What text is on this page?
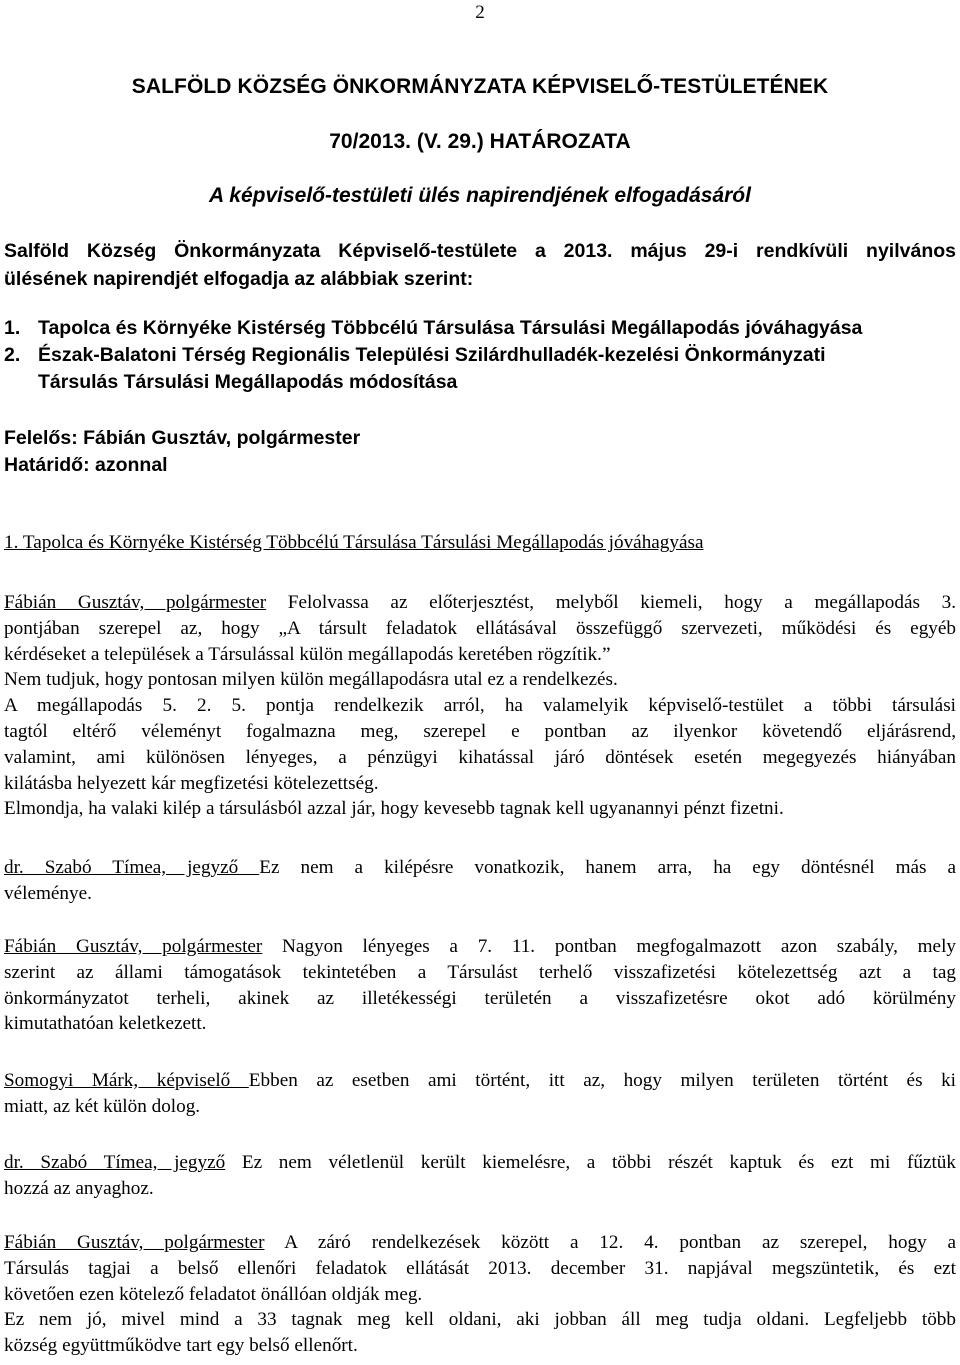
2
SALFÖLD KÖZSÉG ÖNKORMÁNYZATA KÉPVISELŐ-TESTÜLETÉNEK
70/2013. (V. 29.) HATÁROZATA
A képviselő-testületi ülés napirendjének elfogadásáról
Salföld Község Önkormányzata Képviselő-testülete a 2013. május 29-i rendkívüli nyilvános
ülésének napirendjét elfogadja az alábbiak szerint:
1. Tapolca és Környéke Kistérség Többcélú Társulása Társulási Megállapodás jóváhagyása
2. Észak-Balatoni Térség Regionális Települési Szilárdhulladék-kezelési Önkormányzati
Társulás Társulási Megállapodás módosítása
Felelős: Fábián Gusztáv, polgármester
Határidő: azonnal
1. Tapolca és Környéke Kistérség Többcélú Társulása Társulási Megállapodás jóváhagyása
Fábián Gusztáv, polgármester Felolvassa az előterjesztést, melyből kiemeli, hogy a megállapodás 3.
pontjában szerepel az, hogy „A társult feladatok ellátásával összefüggő szervezeti, működési és egyéb
kérdéseket a települések a Társulással külön megállapodás keretében rögzítik.”
Nem tudjuk, hogy pontosan milyen külön megállapodásra utal ez a rendelkezés.
A megállapodás 5. 2. 5. pontja rendelkezik arról, ha valamelyik képviselő-testület a többi társulási
tagtól eltérő véleményt fogalmazna meg, szerepel e pontban az ilyenkor követendő eljárásrend,
valamint, ami különösen lényeges, a pénzügyi kihatással járó döntések esetén megegyezés hiányában
kilátásba helyezett kár megfizetési kötelezettség.
Elmondja, ha valaki kilép a társulásból azzal jár, hogy kevesebb tagnak kell ugyanannyi pénzt fizetni.
dr. Szabó Tímea, jegyző Ez nem a kilépésre vonatkozik, hanem arra, ha egy döntésnél más a
véleménye.
Fábián Gusztáv, polgármester Nagyon lényeges a 7. 11. pontban megfogalmazott azon szabály, mely
szerint az állami támogatások tekintetében a Társulást terhelő visszafizetési kötelezettség azt a tag
önkormányzatot terheli, akinek az illetékességi területén a visszafizetésre okot adó körülmény
kimutathatóan keletkezett.
Somogyi Márk, képviselő Ebben az esetben ami történt, itt az, hogy milyen területen történt és ki
miatt, az két külön dolog.
dr. Szabó Tímea, jegyző Ez nem véletlenül került kiemelésre, a többi részét kaptuk és ezt mi fűztük
hozzá az anyaghoz.
Fábián Gusztáv, polgármester A záró rendelkezések között a 12. 4. pontban az szerepel, hogy a
Társulás tagjai a belső ellenőri feladatok ellátását 2013. december 31. napjával megszüntetik, és ezt
követően ezen kötelező feladatot önállóan oldják meg.
Ez nem jó, mivel mind a 33 tagnak meg kell oldani, aki jobban áll meg tudja oldani. Legfeljebb több
község együttműködve tart egy belső ellenőrt.
